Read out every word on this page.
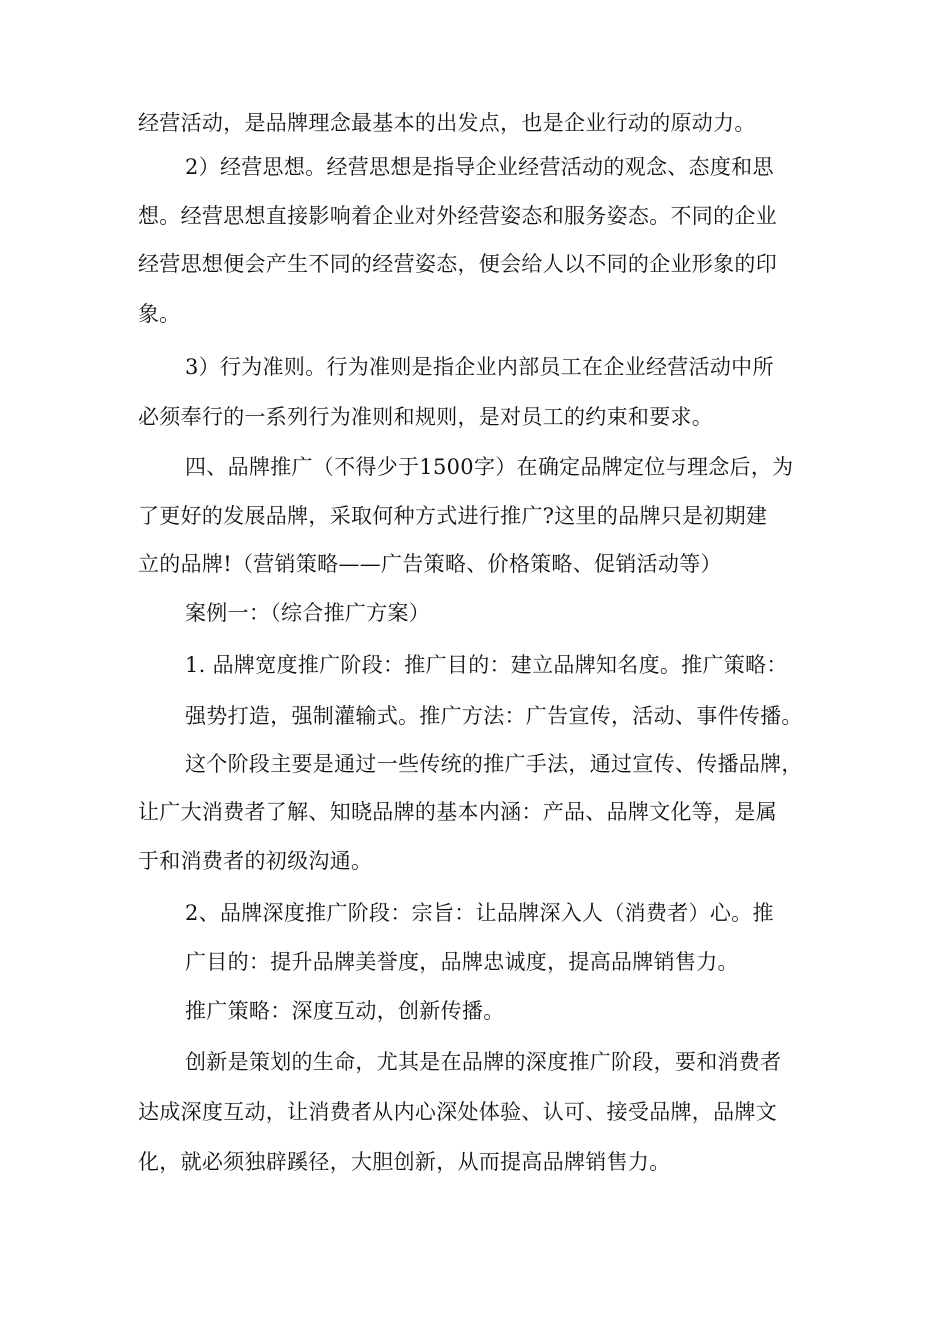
经营活动，是品牌理念最基本的出发点，也是企业行动的原动力。
2）经营思想。经营思想是指导企业经营活动的观念、态度和思
想。经营思想直接影响着企业对外经营姿态和服务姿态。不同的企业
经营思想便会产生不同的经营姿态，便会给人以不同的企业形象的印
象。
3）行为准则。行为准则是指企业内部员工在企业经营活动中所
必须奉行的一系列行为准则和规则，是对员工的约束和要求。
四、品牌推广（不得少于1500字）在确定品牌定位与理念后，为
了更好的发展品牌，采取何种方式进行推广?这里的品牌只是初期建
立的品牌!（营销策略——广告策略、价格策略、促销活动等）
案例一：（综合推广方案）
1. 品牌宽度推广阶段：推广目的：建立品牌知名度。推广策略：
强势打造，强制灌输式。推广方法：广告宣传，活动、事件传播。
这个阶段主要是通过一些传统的推广手法，通过宣传、传播品牌，
让广大消费者了解、知晓品牌的基本内涵：产品、品牌文化等，是属
于和消费者的初级沟通。
2、品牌深度推广阶段：宗旨：让品牌深入人（消费者）心。推
广目的：提升品牌美誉度，品牌忠诚度，提高品牌销售力。
推广策略：深度互动，创新传播。
创新是策划的生命，尤其是在品牌的深度推广阶段，要和消费者
达成深度互动，让消费者从内心深处体验、认可、接受品牌，品牌文
化，就必须独辟蹊径，大胆创新，从而提高品牌销售力。
